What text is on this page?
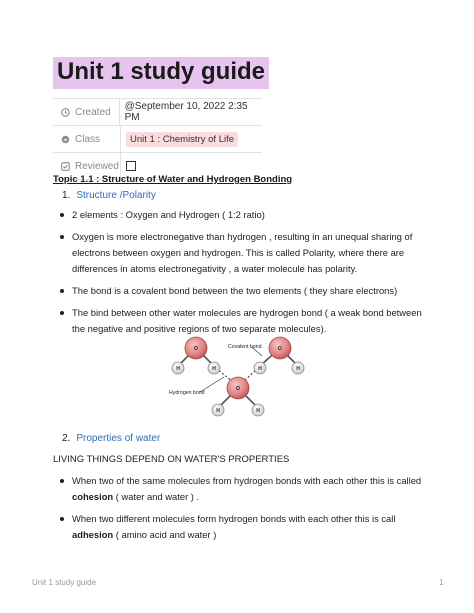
Unit 1 study guide
Created	@September 10, 2022 2:35 PM
Class	Unit 1 : Chemistry of Life
Reviewed
Topic 1.1 : Structure of Water and Hydrogen Bonding
1. Structure /Polarity
2 elements : Oxygen and Hydrogen ( 1:2 ratio)
Oxygen is more electronegative than hydrogen , resulting in an unequal sharing of electrons between oxygen and hydrogen. This is called Polarity, where there are differences in atoms electronegativity , a water molecule has polarity.
The bond is a covalent bond between the two elements ( they share electrons)
The bind between other water molecules are hydrogen bond ( a weak bond between the negative and positive regions of two separate molecules).
O	O
O
H	H	H	H
H	H
Covalent bond
Hydrogen bond
2. Properties of water
LIVING THINGS DEPEND ON WATER'S PROPERTIES
When two of the same molecules from hydrogen bonds with each other this is called cohesion ( water and water ) .
When two different molecules form hydrogen bonds with each other this is call adhesion ( amino acid and water )
Unit 1 study guide	1
